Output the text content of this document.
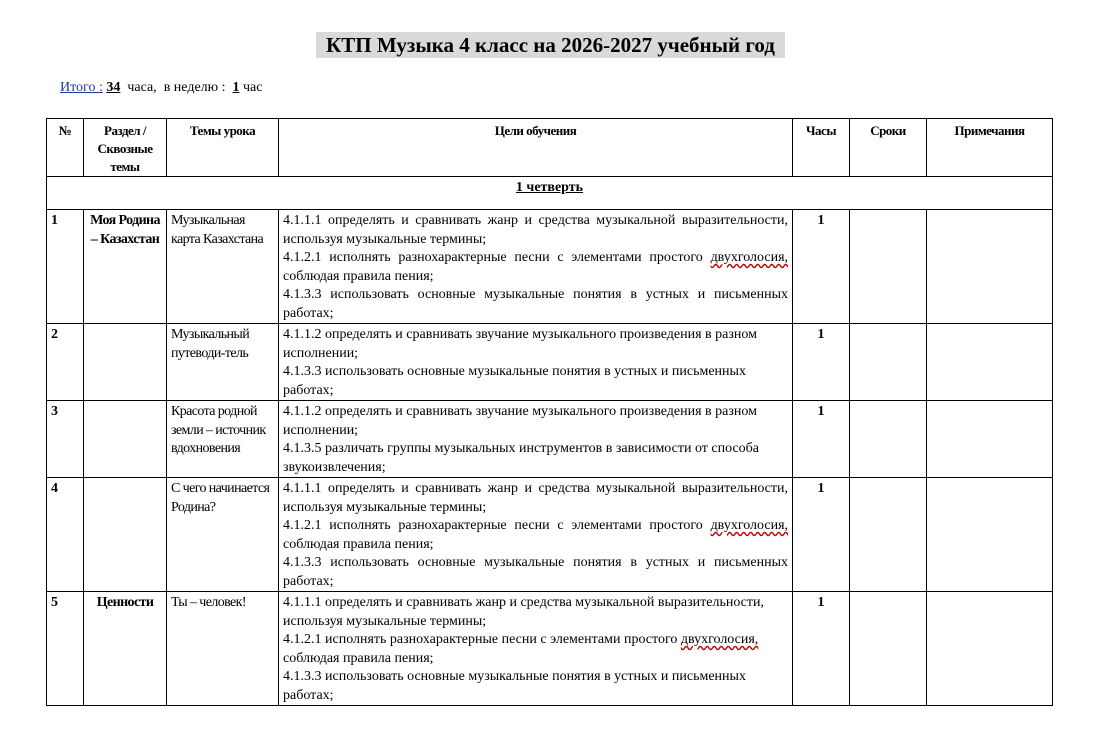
КТП Музыка 4 класс на 2026-2027 учебный год
Итого : 34 часа, в неделю : 1 час
№	Раздел / Сквозные темы	Темы урока	Цели обучения	Часы	Сроки	Примечания
1 четверть						
1	Моя Родина – Казахстан	Музыкальная карта Казахстана	4.1.1.1 определять и сравнивать жанр и средства музыкальной выразительности, используя музыкальные термины;
4.1.2.1 исполнять разнохарактерные песни с элементами простого двухголосия, соблюдая правила пения;
4.1.3.3 использовать основные музыкальные понятия в устных и письменных работах;	1		
2		Музыкальный путеводи-тель	4.1.1.2 определять и сравнивать звучание музыкального произведения в разном исполнении;
4.1.3.3 использовать основные музыкальные понятия в устных и письменных работах;	1		
3		Красота родной земли – источник вдохновения	4.1.1.2 определять и сравнивать звучание музыкального произведения в разном исполнении;
4.1.3.5 различать группы музыкальных инструментов в зависимости от способа звукоизвлечения;	1		
4		С чего начинается Родина?	4.1.1.1 определять и сравнивать жанр и средства музыкальной выразительности, используя музыкальные термины;
4.1.2.1 исполнять разнохарактерные песни с элементами простого двухголосия, соблюдая правила пения;
4.1.3.3 использовать основные музыкальные понятия в устных и письменных работах;	1		
5	Ценности	Ты – человек!	4.1.1.1 определять и сравнивать жанр и средства музыкальной выразительности, используя музыкальные термины;
4.1.2.1 исполнять разнохарактерные песни с элементами простого двухголосия, соблюдая правила пения;
4.1.3.3 использовать основные музыкальные понятия в устных и письменных работах;	1		
